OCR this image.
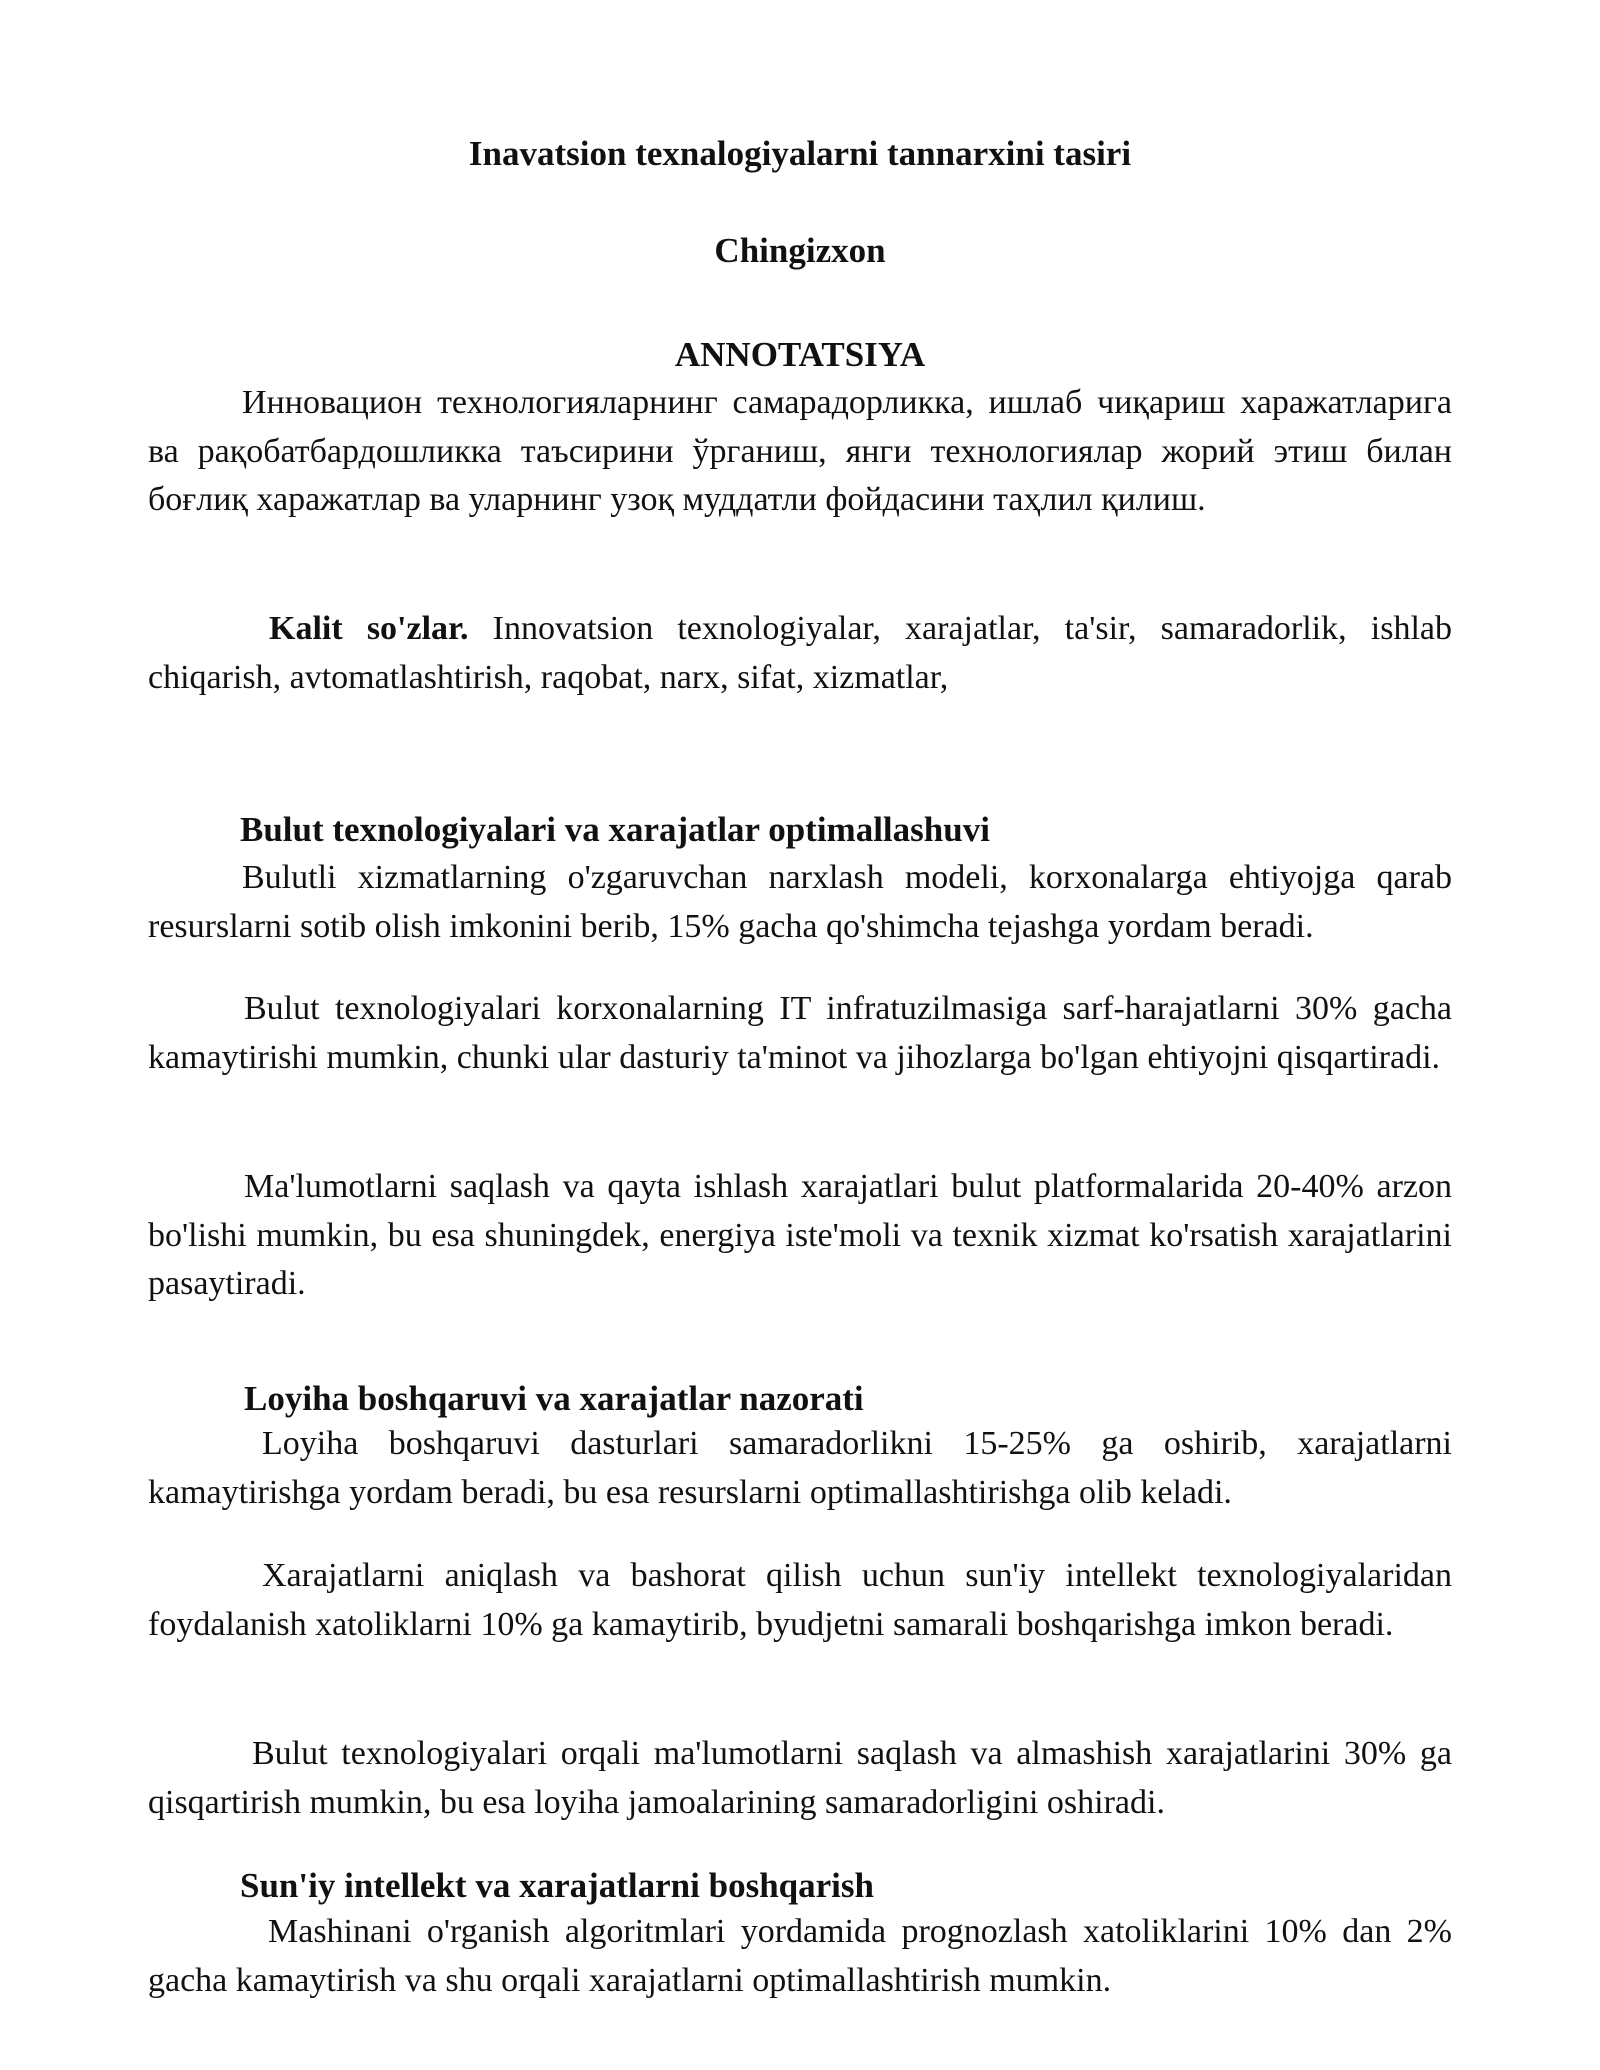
Inavatsion texnalogiyalarni tannarxini tasiri
Chingizxon
ANNOTATSIYA

Инновацион технологияларнинг самарадорликка, ишлаб чиқариш харажатларига ва рақобатбардошликка таъсирини ўрганиш, янги технологиялар жорий этиш билан боғлиқ харажатлар ва уларнинг узоқ муддатли фойдасини таҳлил қилиш.

Kalit so'zlar. Innovatsion texnologiyalar, xarajatlar, ta'sir, samaradorlik, ishlab chiqarish, avtomatlashtirish, raqobat, narx, sifat, xizmatlar,

Bulut texnologiyalari va xarajatlar optimallashuvi

Bulutli xizmatlarning o'zgaruvchan narxlash modeli, korxonalarga ehtiyojga qarab resurslarni sotib olish imkonini berib, 15% gacha qo'shimcha tejashga yordam beradi.

Bulut texnologiyalari korxonalarning IT infratuzilmasiga sarf-harajatlarni 30% gacha kamaytirishi mumkin, chunki ular dasturiy ta'minot va jihozlarga bo'lgan ehtiyojni qisqartiradi.

Ma'lumotlarni saqlash va qayta ishlash xarajatlari bulut platformalarida 20-40% arzon bo'lishi mumkin, bu esa shuningdek, energiya iste'moli va texnik xizmat ko'rsatish xarajatlarini pasaytiradi.

Loyiha boshqaruvi va xarajatlar nazorati

Loyiha boshqaruvi dasturlari samaradorlikni 15-25% ga oshirib, xarajatlarni kamaytirishga yordam beradi, bu esa resurslarni optimallashtirishga olib keladi.

Xarajatlarni aniqlash va bashorat qilish uchun sun'iy intellekt texnologiyalaridan foydalanish xatoliklarni 10% ga kamaytirib, byudjetni samarali boshqarishga imkon beradi.

Bulut texnologiyalari orqali ma'lumotlarni saqlash va almashish xarajatlarini 30% ga qisqartirish mumkin, bu esa loyiha jamoalarining samaradorligini oshiradi.

Sun'iy intellekt va xarajatlarni boshqarish

Mashinani o'rganish algoritmlari yordamida prognozlash xatoliklarini 10% dan 2% gacha kamaytirish va shu orqali xarajatlarni optimallashtirish mumkin.
